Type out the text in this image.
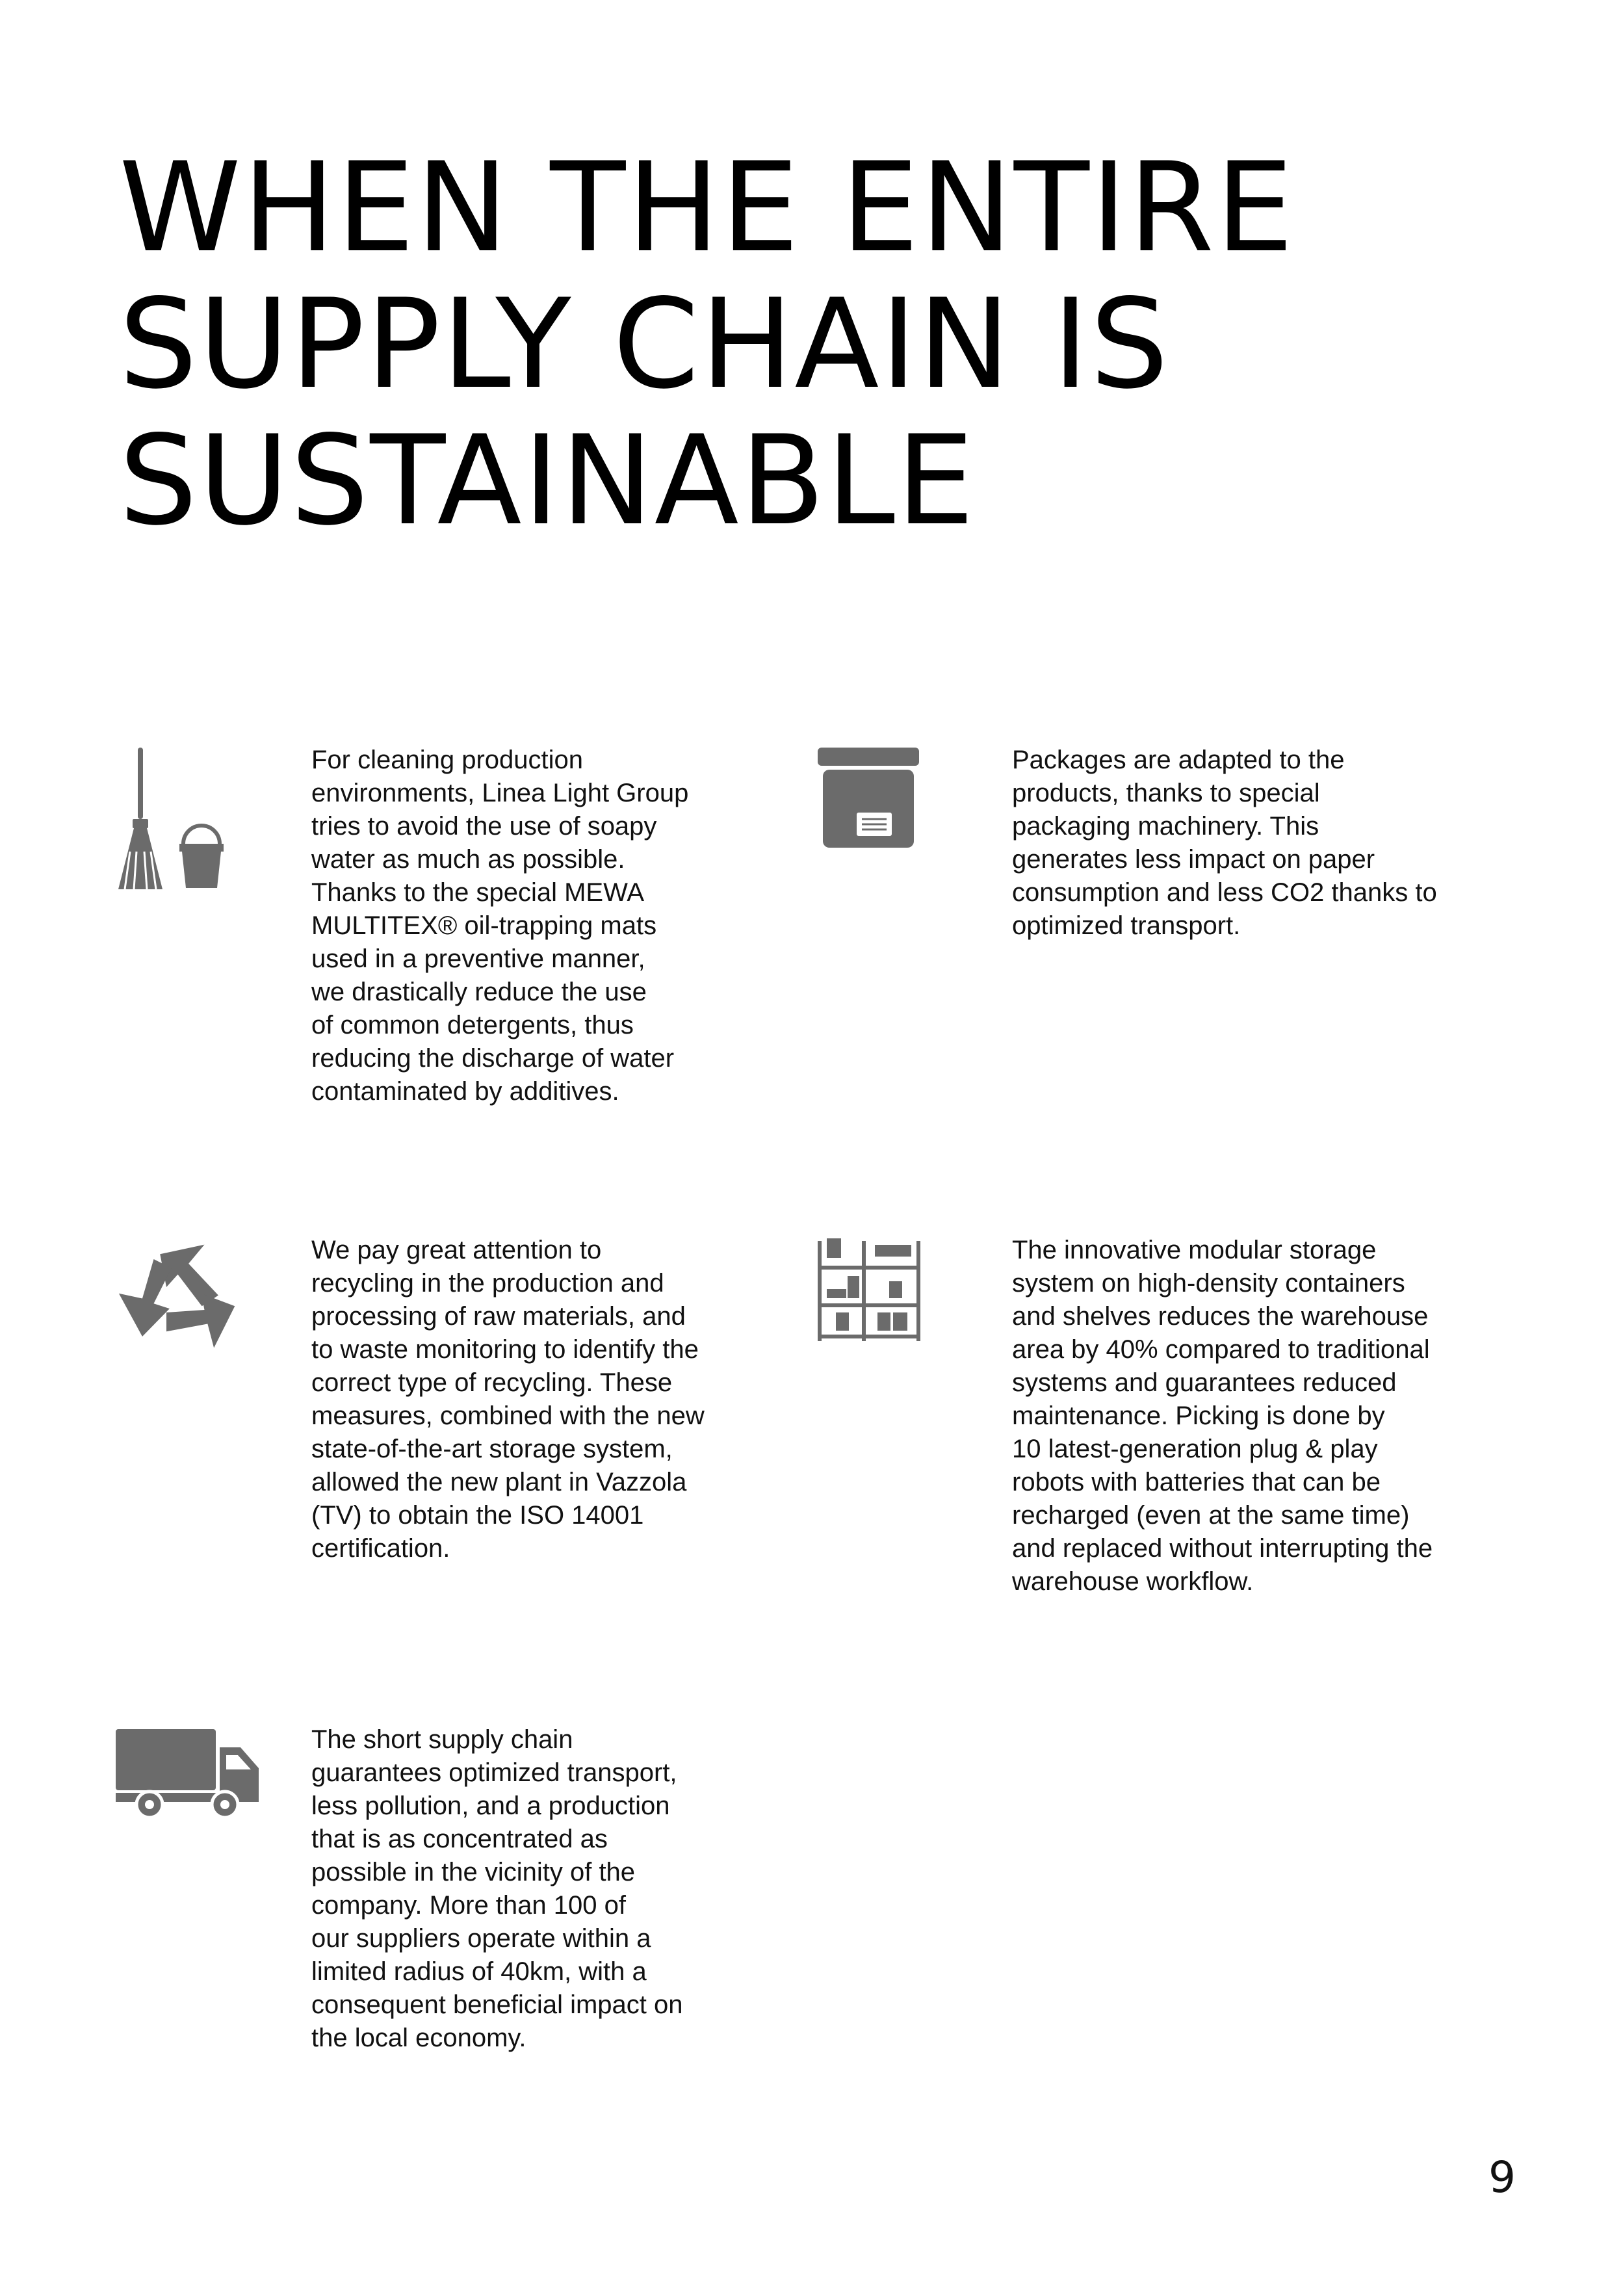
WHEN THE ENTIRE
SUPPLY CHAIN IS
SUSTAINABLE

For cleaning production
environments, Linea Light Group
tries to avoid the use of soapy
water as much as possible.
Thanks to the special MEWA
MULTITEX® oil-trapping mats
used in a preventive manner,
we drastically reduce the use
of common detergents, thus
reducing the discharge of water
contaminated by additives.

Packages are adapted to the
products, thanks to special
packaging machinery. This
generates less impact on paper
consumption and less CO2 thanks to
optimized transport.

We pay great attention to
recycling in the production and
processing of raw materials, and
to waste monitoring to identify the
correct type of recycling. These
measures, combined with the new
state-of-the-art storage system,
allowed the new plant in Vazzola
(TV) to obtain the ISO 14001
certification.

The innovative modular storage
system on high-density containers
and shelves reduces the warehouse
area by 40% compared to traditional
systems and guarantees reduced
maintenance. Picking is done by
10 latest-generation plug & play
robots with batteries that can be
recharged (even at the same time)
and replaced without interrupting the
warehouse workflow.

The short supply chain
guarantees optimized transport,
less pollution, and a production
that is as concentrated as
possible in the vicinity of the
company. More than 100 of
our suppliers operate within a
limited radius of 40km, with a
consequent beneficial impact on
the local economy.

9
